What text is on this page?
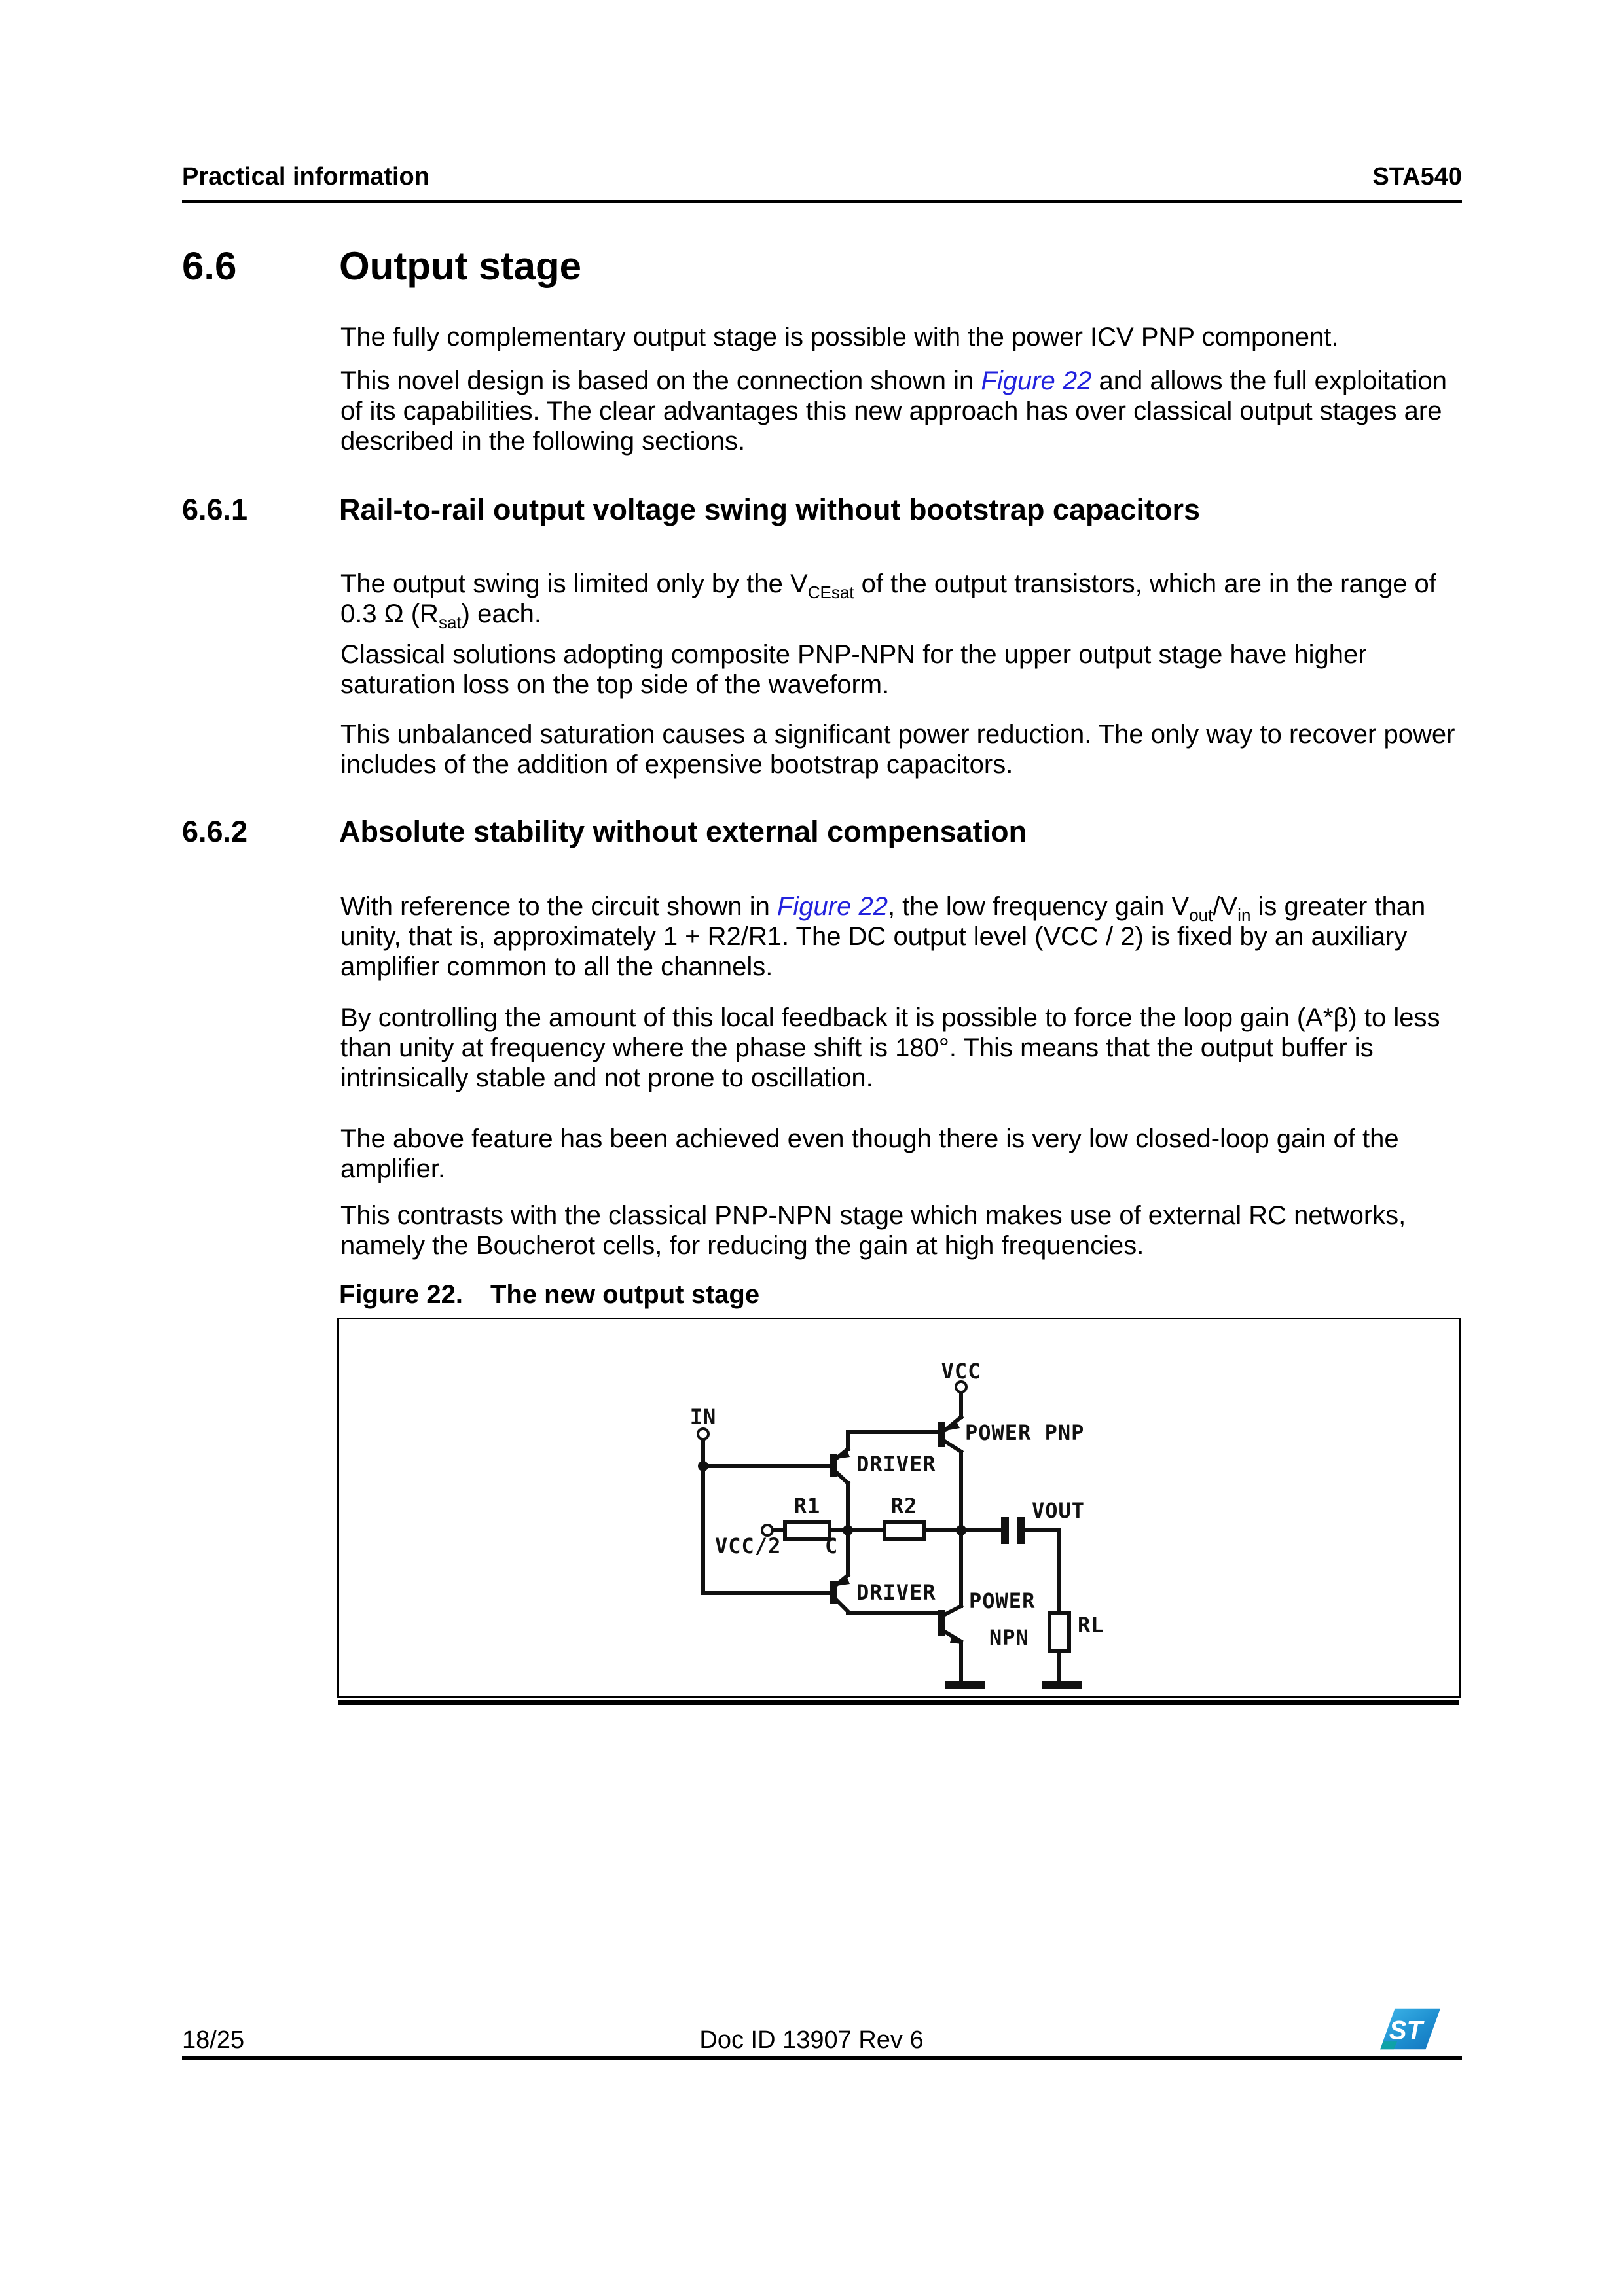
Practical information	STA540
6.6	Output stage

The fully complementary output stage is possible with the power ICV PNP component.

This novel design is based on the connection shown in Figure 22 and allows the full exploitation of its capabilities. The clear advantages this new approach has over classical output stages are described in the following sections.

6.6.1	Rail-to-rail output voltage swing without bootstrap capacitors

The output swing is limited only by the $V_{CEsat}$ of the output transistors, which are in the range of 0.3 Ω $(R_{sat})$ each.

Classical solutions adopting composite PNP-NPN for the upper output stage have higher saturation loss on the top side of the waveform.

This unbalanced saturation causes a significant power reduction. The only way to recover power includes of the addition of expensive bootstrap capacitors.

6.6.2	Absolute stability without external compensation

With reference to the circuit shown in Figure 22, the low frequency gain $V_{out}/V_{in}$ is greater than unity, that is, approximately 1 + R2/R1. The DC output level (VCC / 2) is fixed by an auxiliary amplifier common to all the channels.

By controlling the amount of this local feedback it is possible to force the loop gain (A*β) to less than unity at frequency where the phase shift is 180°. This means that the output buffer is intrinsically stable and not prone to oscillation.

The above feature has been achieved even though there is very low closed-loop gain of the amplifier.

This contrasts with the classical PNP-NPN stage which makes use of external RC networks, namely the Boucherot cells, for reducing the gain at high frequencies.

Figure 22. The new output stage
VCC
IN
POWER PNP
DRIVER
R1	R2
VCC/2 C
VOUT
DRIVER POWER
NPN RL
18/25	Doc ID 13907 Rev 6	ST
